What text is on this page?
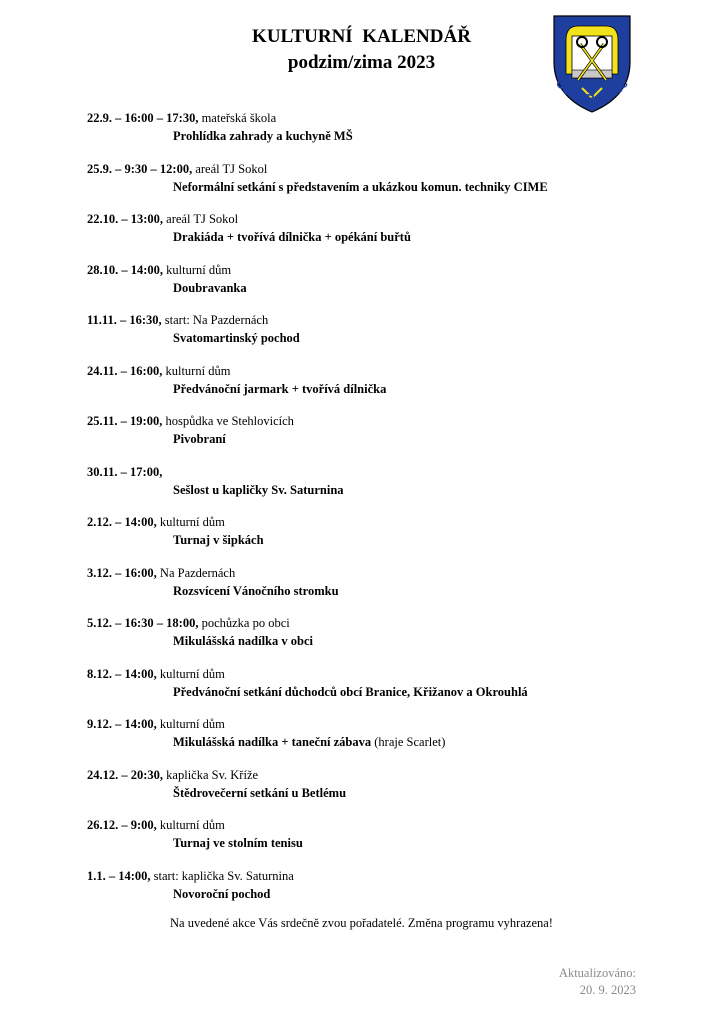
KULTURNÍ  KALENDÁŘ
podzim/zima 2023
Obec Branice
22.9. – 16:00 – 17:30, mateřská škola
Prohlídka zahrady a kuchyně MŠ
25.9. – 9:30 – 12:00, areál TJ Sokol
Neformální setkání s představením a ukázkou komun. techniky CIME
22.10. – 13:00, areál TJ Sokol
Drakiáda + tvořívá dílnička + opékání buřtů
28.10. – 14:00, kulturní dům
Doubravanka
11.11. – 16:30, start: Na Pazdernách
Svatomartinský pochod
24.11. – 16:00, kulturní dům
Předvánoční jarmark + tvořívá dílnička
25.11. – 19:00, hospůdka ve Stehlovicích
Pivobraní
30.11. – 17:00,
Sešlost u kapličky Sv. Saturnina
2.12. – 14:00, kulturní dům
Turnaj v šipkách
3.12. – 16:00, Na Pazdernách
Rozsvícení Vánočního stromku
5.12. – 16:30 – 18:00, pochůzka po obci
Mikulášská nadílka v obci
8.12. – 14:00, kulturní dům
Předvánoční setkání důchodců obcí Branice, Křižanov a Okrouhlá
9.12. – 14:00, kulturní dům
Mikulášská nadílka + taneční zábava (hraje Scarlet)
24.12. – 20:30, kaplička Sv. Kříže
Štědrovečerní setkání u Betlému
26.12. – 9:00, kulturní dům
Turnaj ve stolním tenisu
1.1. – 14:00, start: kaplička Sv. Saturnina
Novoroční pochod
Na uvedené akce Vás srdečně zvou pořadatelé. Změna programu vyhrazena!
Aktualizováno:
20. 9. 2023
